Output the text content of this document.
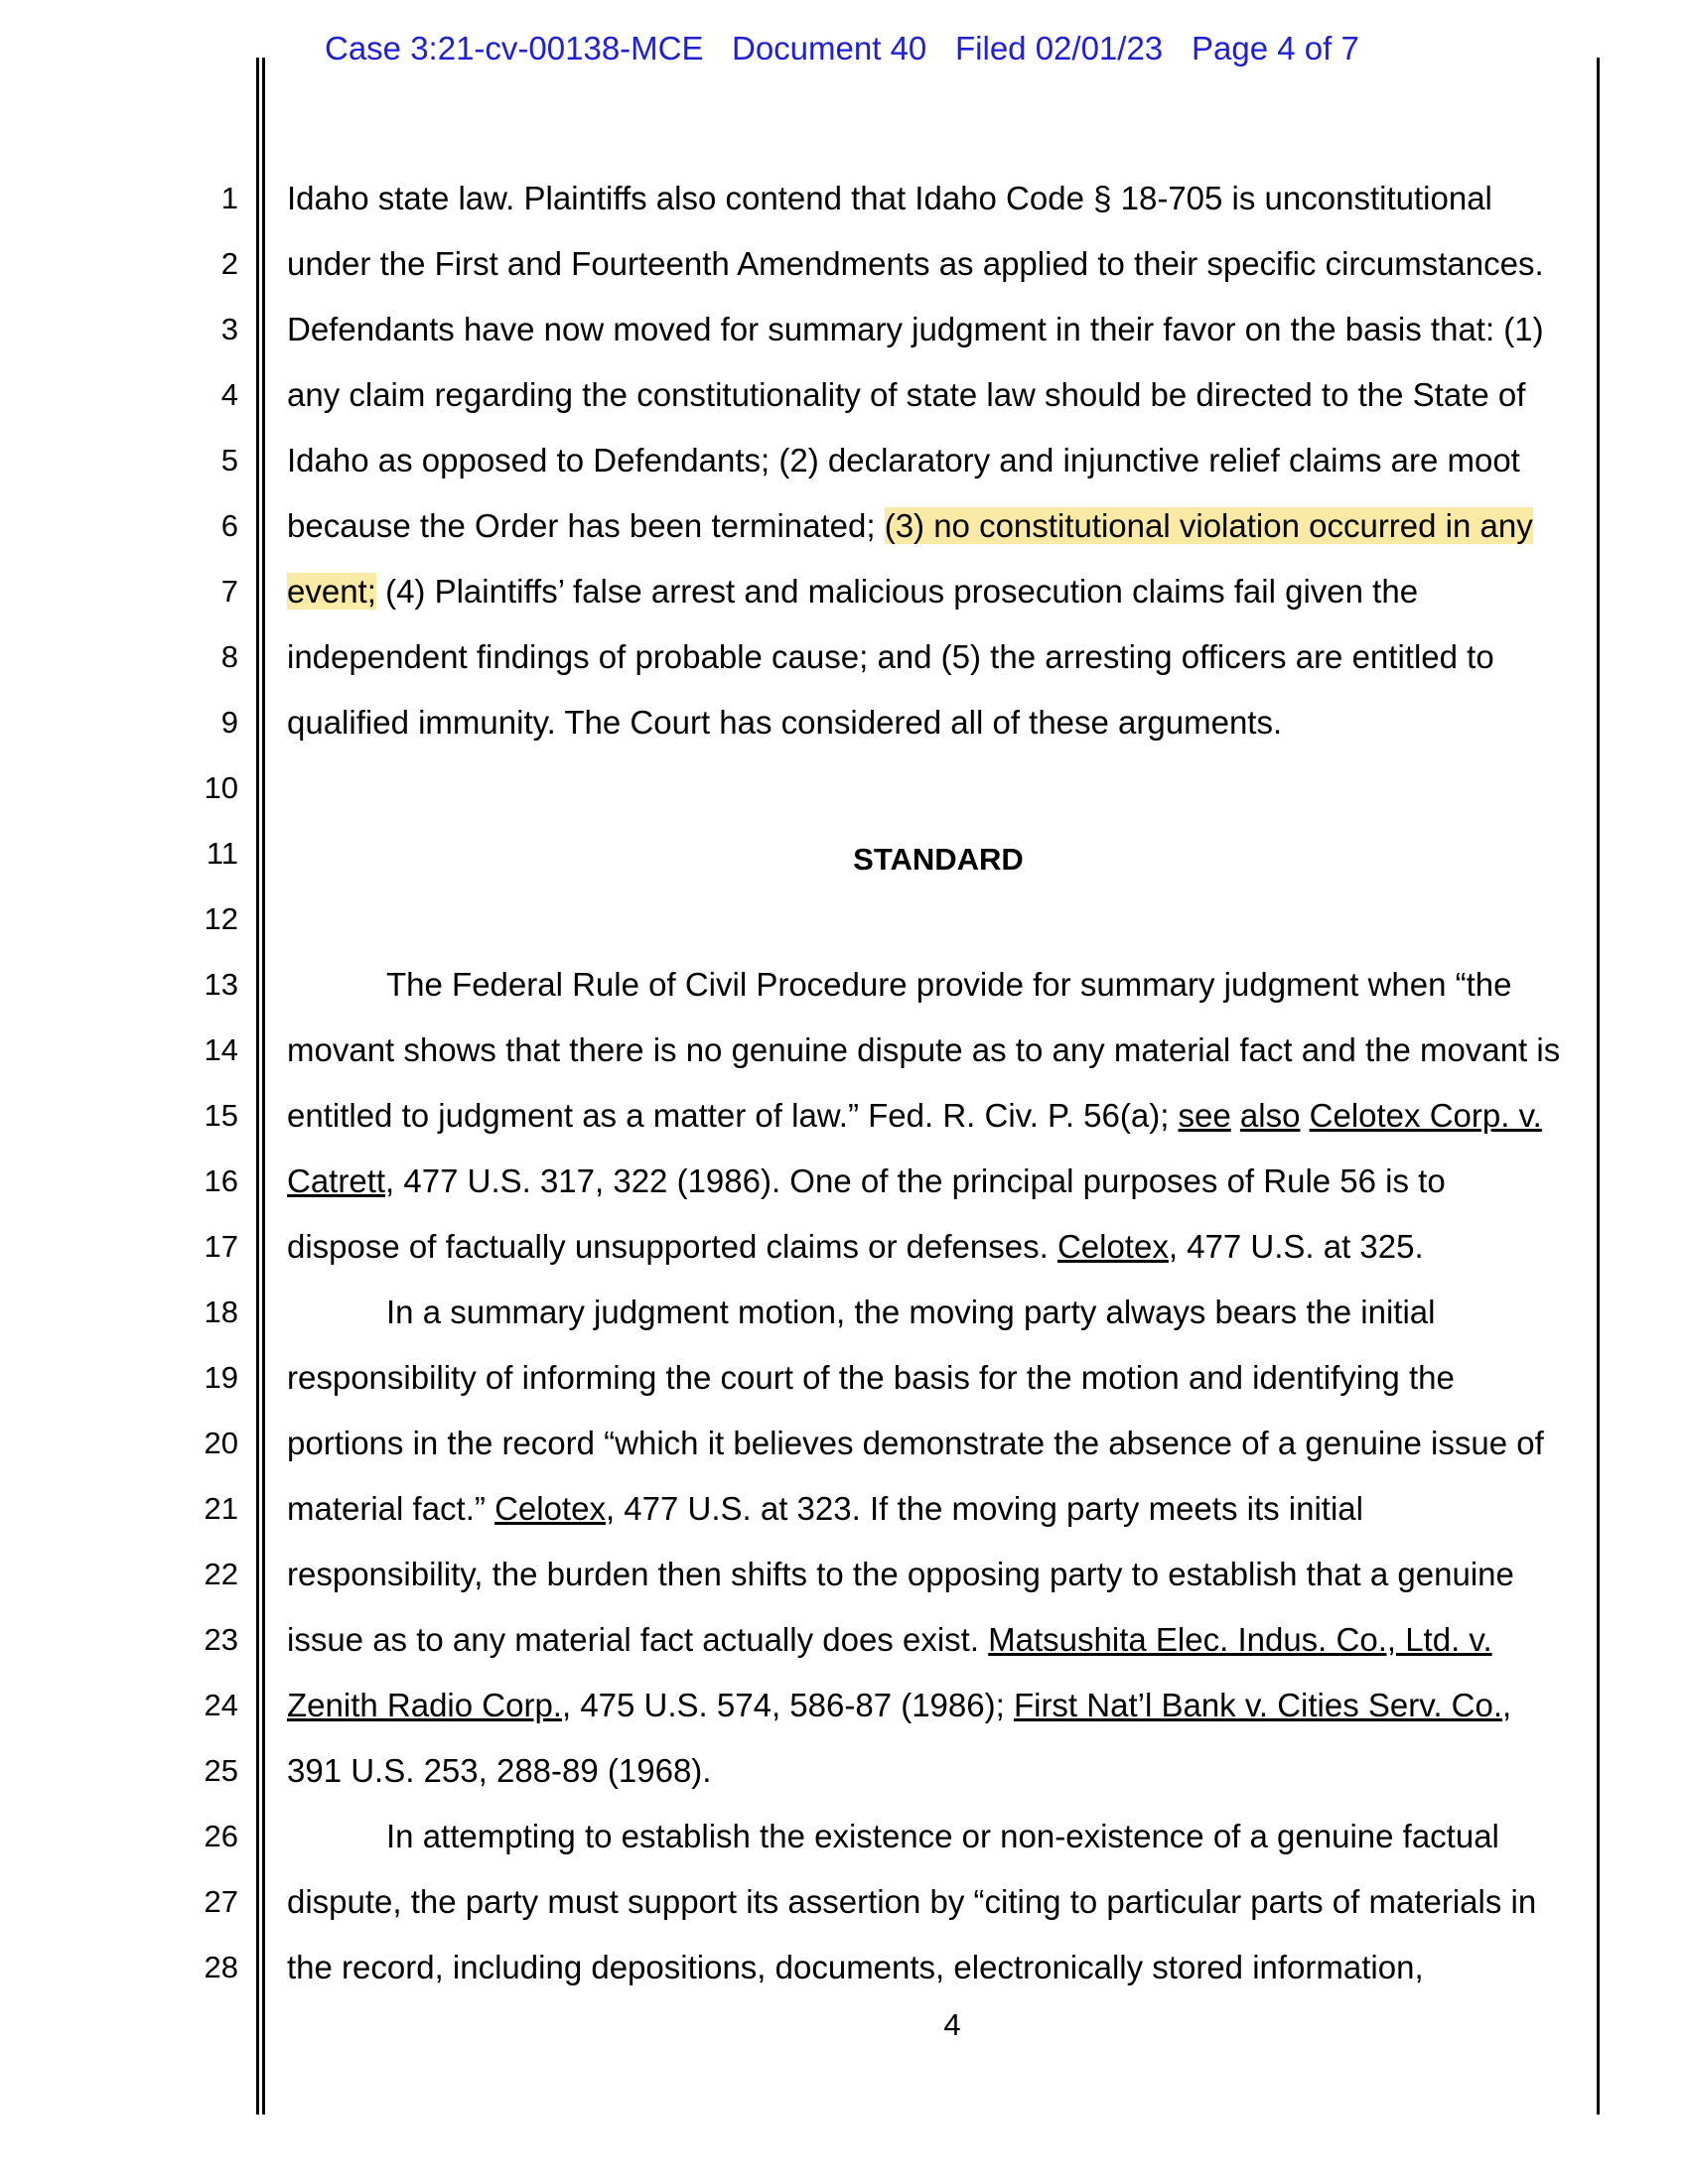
Case 3:21-cv-00138-MCE Document 40 Filed 02/01/23 Page 4 of 7
1
2
3
4
5
6
7
8
9
10
11
12
13
14
15
16
17
18
19
20
21
22
23
24
25
26
27
28
Idaho state law. Plaintiffs also contend that Idaho Code § 18-705 is unconstitutional
under the First and Fourteenth Amendments as applied to their specific circumstances.
Defendants have now moved for summary judgment in their favor on the basis that: (1)
any claim regarding the constitutionality of state law should be directed to the State of
Idaho as opposed to Defendants; (2) declaratory and injunctive relief claims are moot
because the Order has been terminated; (3) no constitutional violation occurred in any
event; (4) Plaintiffs’ false arrest and malicious prosecution claims fail given the
independent findings of probable cause; and (5) the arresting officers are entitled to
qualified immunity. The Court has considered all of these arguments.
STANDARD
The Federal Rule of Civil Procedure provide for summary judgment when “the
movant shows that there is no genuine dispute as to any material fact and the movant is
entitled to judgment as a matter of law.” Fed. R. Civ. P. 56(a); see also Celotex Corp. v.
Catrett, 477 U.S. 317, 322 (1986). One of the principal purposes of Rule 56 is to
dispose of factually unsupported claims or defenses. Celotex, 477 U.S. at 325.
In a summary judgment motion, the moving party always bears the initial
responsibility of informing the court of the basis for the motion and identifying the
portions in the record “which it believes demonstrate the absence of a genuine issue of
material fact.” Celotex, 477 U.S. at 323. If the moving party meets its initial
responsibility, the burden then shifts to the opposing party to establish that a genuine
issue as to any material fact actually does exist. Matsushita Elec. Indus. Co., Ltd. v.
Zenith Radio Corp., 475 U.S. 574, 586-87 (1986); First Nat’l Bank v. Cities Serv. Co.,
391 U.S. 253, 288-89 (1968).
In attempting to establish the existence or non-existence of a genuine factual
dispute, the party must support its assertion by “citing to particular parts of materials in
the record, including depositions, documents, electronically stored information,
4
